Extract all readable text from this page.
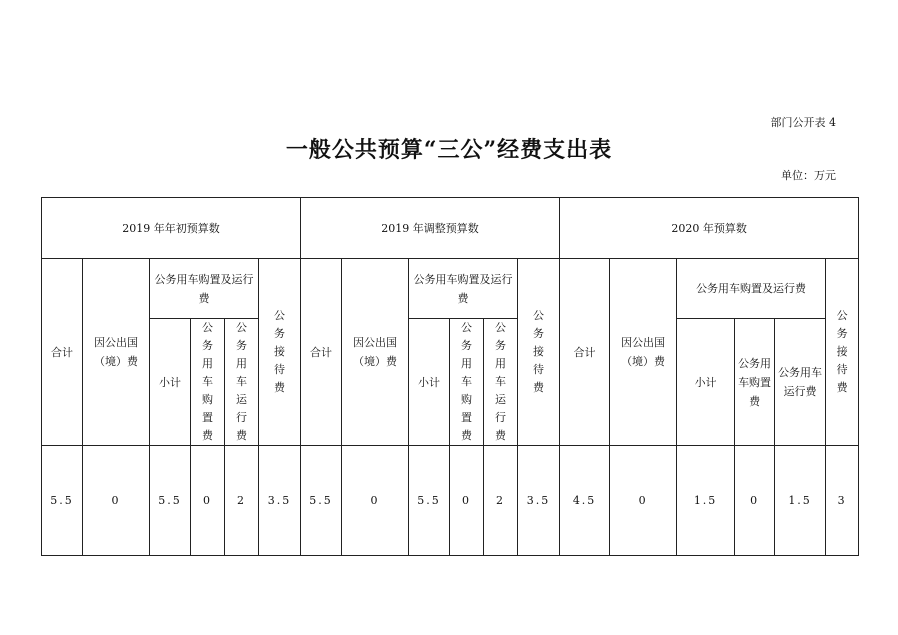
部门公开表 4
一般公共预算“三公”经费支出表
单位：万元
2019 年年初预算数						2019 年调整预算数						2020 年预算数					
合计	因公出国（境）费	公务用车购置及运行费			公务接待费	合计	因公出国（境）费	公务用车购置及运行费			公务接待费	合计	因公出国（境）费	公务用车购置及运行费			公务接待费
		小计	公务用车购置费	公务用车运行费				小计	公务用车购置费	公务用车运行费				小计	公务用车购置费	公务用车运行费	
5.5	0	5.5	0	2	3.5	5.5	0	5.5	0	2	3.5	4.5	0	1.5	0	1.5	3
